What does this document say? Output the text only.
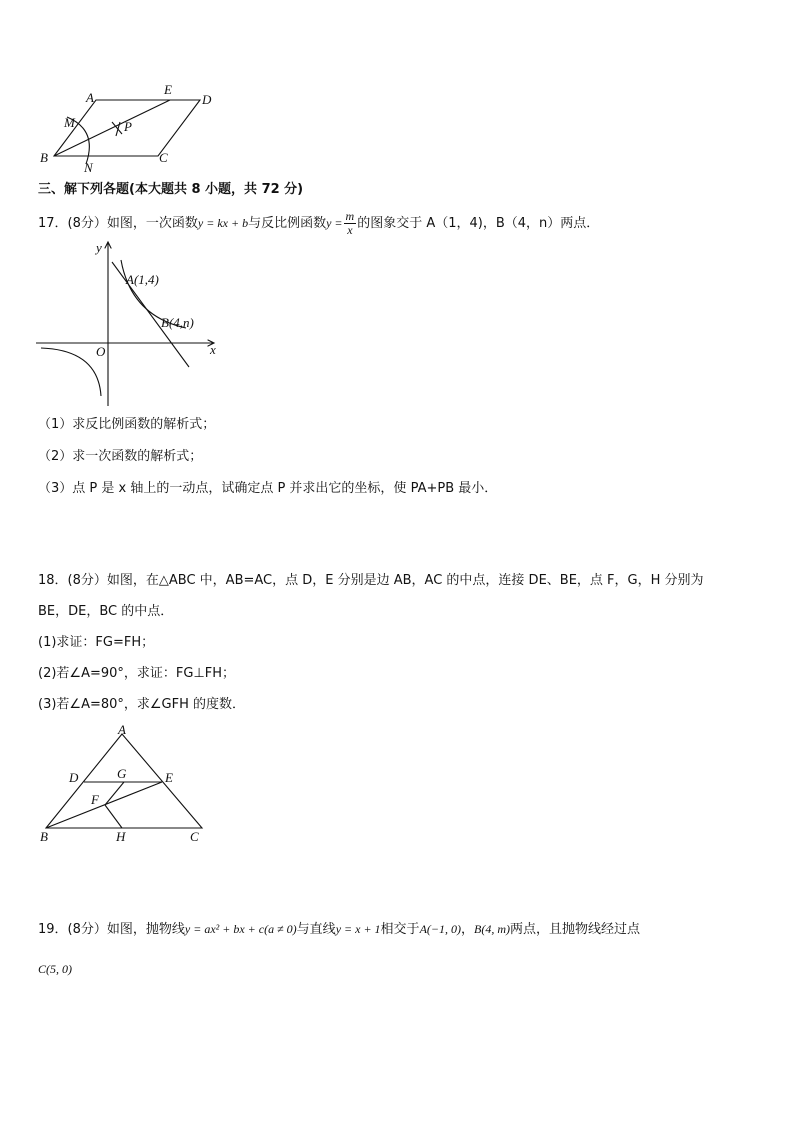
A
E
D
M	P
B
N
C
三、解下列各题(本大题共 8 小题，共 72 分)
17．(8分）如图，一次函数y = kx + b与反比例函数$y = \frac{m}{x}$ 的图象交于 A（1，4)，B（4，n）两点．
y
x
O
A(1,4)
B(4,n)
（1）求反比例函数的解析式；
（2）求一次函数的解析式；
（3）点 P 是 x 轴上的一动点，试确定点 P 并求出它的坐标，使 PA+PB 最小．
18．(8分）如图，在△ABC 中，AB=AC，点 D，E 分别是边 AB，AC 的中点，连接 DE、BE，点 F，G，H 分别为
BE，DE，BC 的中点．
(1)求证：FG=FH；
(2)若∠A=90°，求证：FG⊥FH；
(3)若∠A=80°，求∠GFH 的度数．
A
D	G	E
F
B	H	C
19．(8分）如图，抛物线y = ax² + bx + c(a ≠ 0)与直线y = x + 1相交于A(−1, 0)，B(4, m)两点，且抛物线经过点
C(5, 0)
